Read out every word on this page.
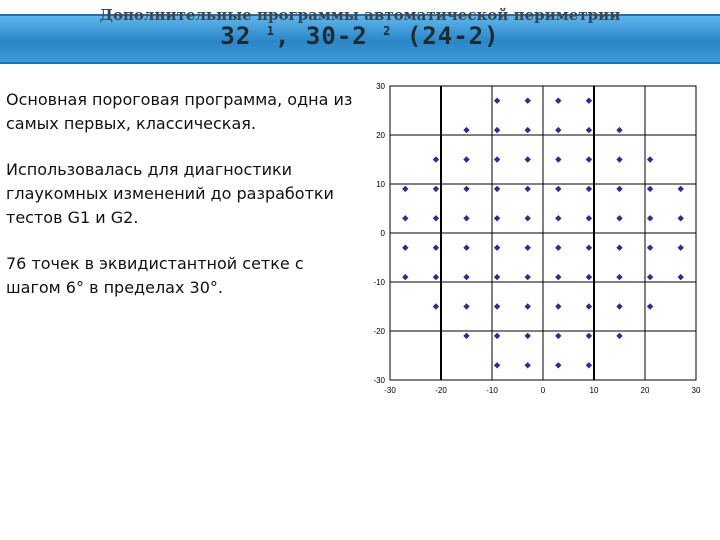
Дополнительные программы автоматической периметрии
32 $^1$, 30-2 $^2$ (24-2)

Основная пороговая программа, одна из самых первых, классическая.

Использовалась для диагностики глаукомных изменений до разработки тестов G1 и G2.

76 точек в эквидистантной сетке с шагом 6° в пределах 30°.

-30	-20	-10	0	10	20	30
30
20
10
0
-10
-20
-30
